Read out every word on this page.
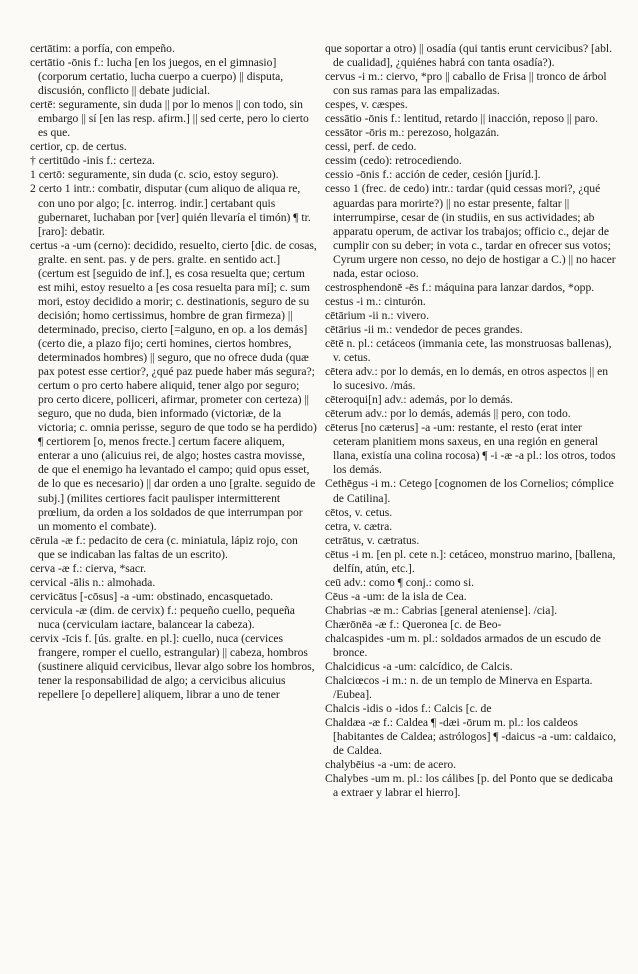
certātim: a porfía, con empeño.

certātio -ōnis f.: lucha [en los juegos, en el gimnasio] (corporum certatio, lucha cuerpo a cuerpo) || disputa, discusión, conflicto || debate judicial.

certē: seguramente, sin duda || por lo menos || con todo, sin embargo || sí [en las resp. afirm.] || sed certe, pero lo cierto es que.

certior, cp. de certus.

† certitūdo -inis f.: certeza.

1 certō: seguramente, sin duda (c. scio, estoy seguro).

2 certo 1 intr.: combatir, disputar (cum aliquo de aliqua re, con uno por algo; [c. interrog. indir.] certabant quis gubernaret, luchaban por [ver] quién llevaría el timón) ¶ tr. [raro]: debatir.

certus -a -um (cerno): decidido, resuelto, cierto [dic. de cosas, gralte. en sent. pas. y de pers. gralte. en sentido act.] (certum est [seguido de inf.], es cosa resuelta que; certum est mihi, estoy resuelto a [es cosa resuelta para mí]; c. sum mori, estoy decidido a morir; c. destinationis, seguro de su decisión; homo certissimus, hombre de gran firmeza) || determinado, preciso, cierto [=alguno, en op. a los demás] (certo die, a plazo fijo; certi homines, ciertos hombres, determinados hombres) || seguro, que no ofrece duda (quæ pax potest esse certior?, ¿qué paz puede haber más segura?; certum o pro certo habere aliquid, tener algo por seguro; pro certo dicere, polliceri, afirmar, prometer con certeza) || seguro, que no duda, bien informado (victoriæ, de la victoria; c. omnia perisse, seguro de que todo se ha perdido) ¶ certiorem [o, menos frecte.] certum facere aliquem, enterar a uno (alicuius rei, de algo; hostes castra movisse, de que el enemigo ha levantado el campo; quid opus esset, de lo que es necesario) || dar orden a uno [gralte. seguido de subj.] (milites certiores facit paulisper intermitterent prœlium, da orden a los soldados de que interrumpan por un momento el combate).

cērula -æ f.: pedacito de cera (c. miniatula, lápiz rojo, con que se indicaban las faltas de un escrito).

cerva -æ f.: cierva, *sacr.

cervical -ālis n.: almohada.

cervicātus [-cōsus] -a -um: obstinado, encasquetado.

cervicula -æ (dim. de cervix) f.: pequeño cuello, pequeña nuca (cerviculam iactare, balancear la cabeza).

cervix -īcis f. [ús. gralte. en pl.]: cuello, nuca (cervices frangere, romper el cuello, estrangular) || cabeza, hombros (sustinere aliquid cervicibus, llevar algo sobre los hombros, tener la responsabilidad de algo; a cervicibus alicuius repellere [o depellere] aliquem, librar a uno de tener

que soportar a otro) || osadía (qui tantis erunt cervicibus? [abl. de cualidad], ¿quiénes habrá con tanta osadía?).

cervus -i m.: ciervo, *pro || caballo de Frisa || tronco de árbol con sus ramas para las empalizadas.

cespes, v. cæspes.

cessātio -ōnis f.: lentitud, retardo || inacción, reposo || paro.

cessātor -ōris m.: perezoso, holgazán.

cessi, perf. de cedo.

cessim (cedo): retrocediendo.

cessio -ōnis f.: acción de ceder, cesión [juríd.].

cesso 1 (frec. de cedo) intr.: tardar (quid cessas mori?, ¿qué aguardas para morirte?) || no estar presente, faltar || interrumpirse, cesar de (in studiis, en sus actividades; ab apparatu operum, de activar los trabajos; officio c., dejar de cumplir con su deber; in vota c., tardar en ofrecer sus votos; Cyrum urgere non cesso, no dejo de hostigar a C.) || no hacer nada, estar ocioso.

cestrosphendonē -ēs f.: máquina para lanzar dardos, *opp.

cestus -i m.: cinturón.

cētārium -ii n.: vivero.

cētārius -ii m.: vendedor de peces grandes.

cētē n. pl.: cetáceos (immania cete, las monstruosas ballenas), v. cetus.

cētera adv.: por lo demás, en lo demás, en otros aspectos || en lo sucesivo. /más.

cēteroqui[n] adv.: además, por lo demás.

cēterum adv.: por lo demás, además || pero, con todo.

cēterus [no cæterus] -a -um: restante, el resto (erat inter ceteram planitiem mons saxeus, en una región en general llana, existía una colina rocosa) ¶ -i -æ -a pl.: los otros, todos los demás.

Cethēgus -i m.: Cetego [cognomen de los Cornelios; cómplice de Catilina].

cētos, v. cetus.

cetra, v. cætra.

cetrātus, v. cætratus.

cētus -i m. [en pl. cete n.]: cetáceo, monstruo marino, [ballena, delfín, atún, etc.].

ceū adv.: como ¶ conj.: como si.

Cēus -a -um: de la isla de Cea.

Chabrias -æ m.: Cabrias [general ateniense]. /cia].

Chærōnēa -æ f.: Queronea [c. de Beo-

chalcaspides -um m. pl.: soldados armados de un escudo de bronce.

Chalcidicus -a -um: calcídico, de Calcis.

Chalciœcos -i m.: n. de un templo de Minerva en Esparta. /Eubea].

Chalcis -idis o -idos f.: Calcis [c. de

Chaldæa -æ f.: Caldea ¶ -dæi -ōrum m. pl.: los caldeos [habitantes de Caldea; astrólogos] ¶ -daicus -a -um: caldaico, de Caldea.

chalybēius -a -um: de acero.

Chalybes -um m. pl.: los cálibes [p. del Ponto que se dedicaba a extraer y labrar el hierro].
